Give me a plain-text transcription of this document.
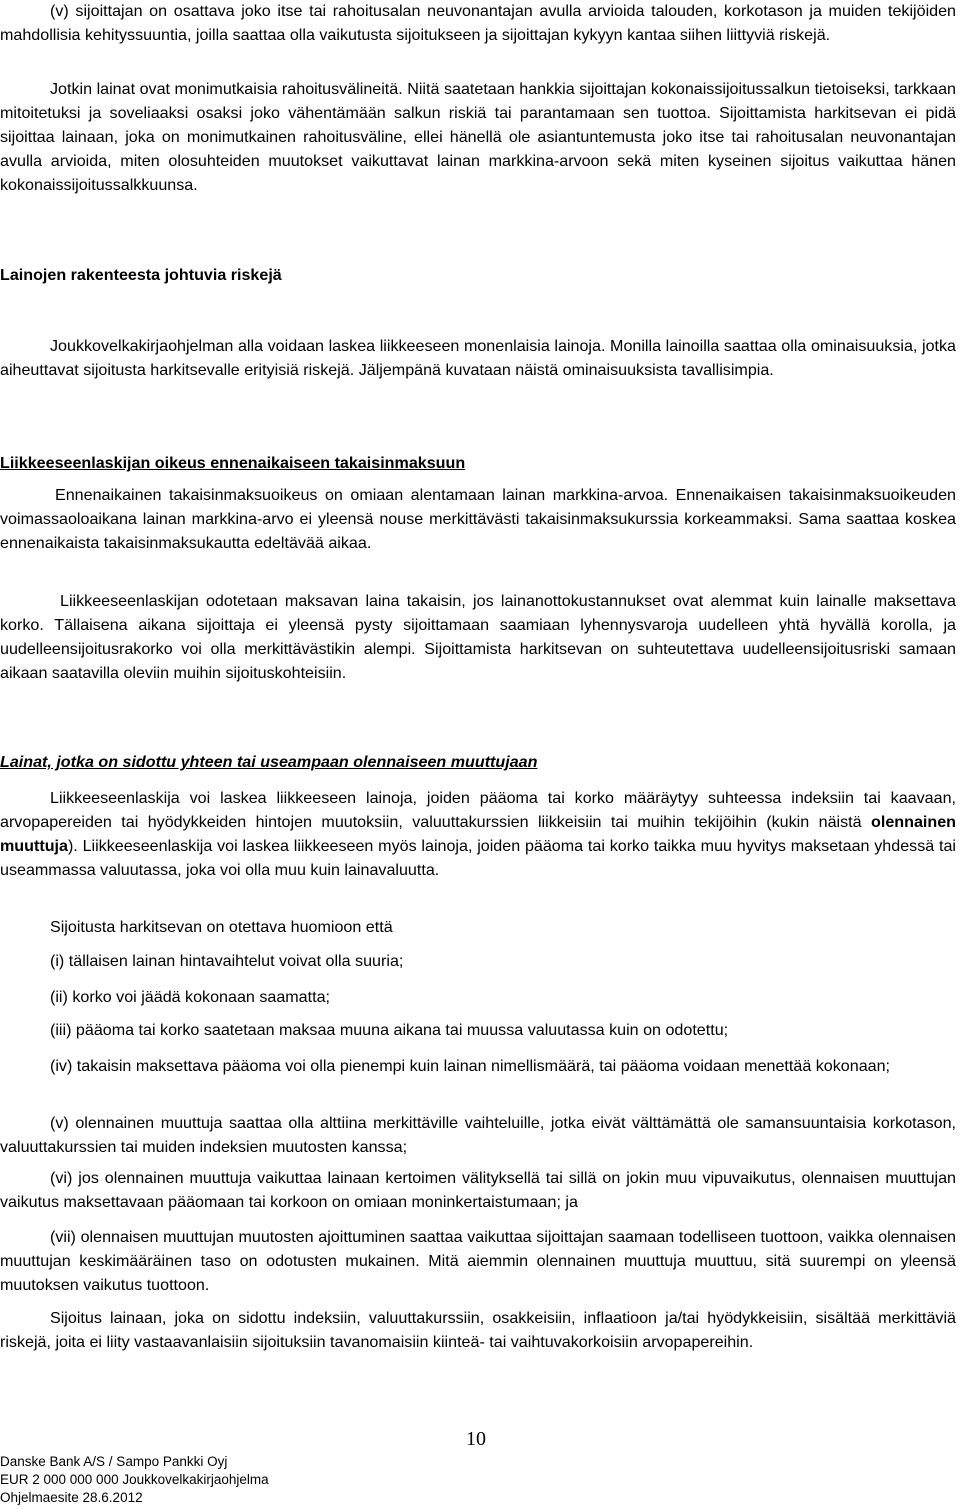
(v) sijoittajan on osattava joko itse tai rahoitusalan neuvonantajan avulla arvioida talouden, korkotason ja muiden tekijöiden mahdollisia kehityssuuntia, joilla saattaa olla vaikutusta sijoitukseen ja sijoittajan kykyyn kantaa siihen liittyviä riskejä.

Jotkin lainat ovat monimutkaisia rahoitusvälineitä. Niitä saatetaan hankkia sijoittajan kokonaissijoitussalkun tietoiseksi, tarkkaan mitoitetuksi ja soveliaaksi osaksi joko vähentämään salkun riskiä tai parantamaan sen tuottoa. Sijoittamista harkitsevan ei pidä sijoittaa lainaan, joka on monimutkainen rahoitusväline, ellei hänellä ole asiantuntemusta joko itse tai rahoitusalan neuvonantajan avulla arvioida, miten olosuhteiden muutokset vaikuttavat lainan markkina-arvoon sekä miten kyseinen sijoitus vaikuttaa hänen kokonaissijoitussalkkuunsa.

Lainojen rakenteesta johtuvia riskejä

Joukkovelkakirjaohjelman alla voidaan laskea liikkeeseen monenlaisia lainoja. Monilla lainoilla saattaa olla ominaisuuksia, jotka aiheuttavat sijoitusta harkitsevalle erityisiä riskejä. Jäljempänä kuvataan näistä ominaisuuksista tavallisimpia.

Liikkeeseenlaskijan oikeus ennenaikaiseen takaisinmaksuun

Ennenaikainen takaisinmaksuoikeus on omiaan alentamaan lainan markkina-arvoa. Ennenaikaisen takaisinmaksuoikeuden voimassaoloaikana lainan markkina-arvo ei yleensä nouse merkittävästi takaisinmaksukurssia korkeammaksi. Sama saattaa koskea ennenaikaista takaisinmaksukautta edeltävää aikaa.

Liikkeeseenlaskijan odotetaan maksavan laina takaisin, jos lainanottokustannukset ovat alemmat kuin lainalle maksettava korko. Tällaisena aikana sijoittaja ei yleensä pysty sijoittamaan saamiaan lyhennysvaroja uudelleen yhtä hyvällä korolla, ja uudelleensijoitusrakorko voi olla merkittävästikin alempi. Sijoittamista harkitsevan on suhteutettava uudelleensijoitusriski samaan aikaan saatavilla oleviin muihin sijoituskohteisiin.

Lainat, jotka on sidottu yhteen tai useampaan olennaiseen muuttujaan

Liikkeeseenlaskija voi laskea liikkeeseen lainoja, joiden pääoma tai korko määräytyy suhteessa indeksiin tai kaavaan, arvopapereiden tai hyödykkeiden hintojen muutoksiin, valuuttakurssien liikkeisiin tai muihin tekijöihin (kukin näistä olennainen muuttuja). Liikkeeseenlaskija voi laskea liikkeeseen myös lainoja, joiden pääoma tai korko taikka muu hyvitys maksetaan yhdessä tai useammassa valuutassa, joka voi olla muu kuin lainavaluutta.

Sijoitusta harkitsevan on otettava huomioon että

(i) tällaisen lainan hintavaihtelut voivat olla suuria;

(ii) korko voi jäädä kokonaan saamatta;

(iii) pääoma tai korko saatetaan maksaa muuna aikana tai muussa valuutassa kuin on odotettu;

(iv) takaisin maksettava pääoma voi olla pienempi kuin lainan nimellismäärä, tai pääoma voidaan menettää kokonaan;

(v) olennainen muuttuja saattaa olla alttiina merkittäville vaihteluille, jotka eivät välttämättä ole samansuuntaisia korkotason, valuuttakurssien tai muiden indeksien muutosten kanssa;

(vi) jos olennainen muuttuja vaikuttaa lainaan kertoimen välityksellä tai sillä on jokin muu vipuvaikutus, olennaisen muuttujan vaikutus maksettavaan pääomaan tai korkoon on omiaan moninkertaistumaan; ja

(vii) olennaisen muuttujan muutosten ajoittuminen saattaa vaikuttaa sijoittajan saamaan todelliseen tuottoon, vaikka olennaisen muuttujan keskimääräinen taso on odotusten mukainen. Mitä aiemmin olennainen muuttuja muuttuu, sitä suurempi on yleensä muutoksen vaikutus tuottoon.

Sijoitus lainaan, joka on sidottu indeksiin, valuuttakurssiin, osakkeisiin, inflaatioon ja/tai hyödykkeisiin, sisältää merkittäviä riskejä, joita ei liity vastaavanlaisiin sijoituksiin tavanomaisiin kiinteä- tai vaihtuvakorkoisiin arvopapereihin.

10
Danske Bank A/S / Sampo Pankki Oyj
EUR 2 000 000 000 Joukkovelkakirjaohjelma
Ohjelmaesite 28.6.2012
